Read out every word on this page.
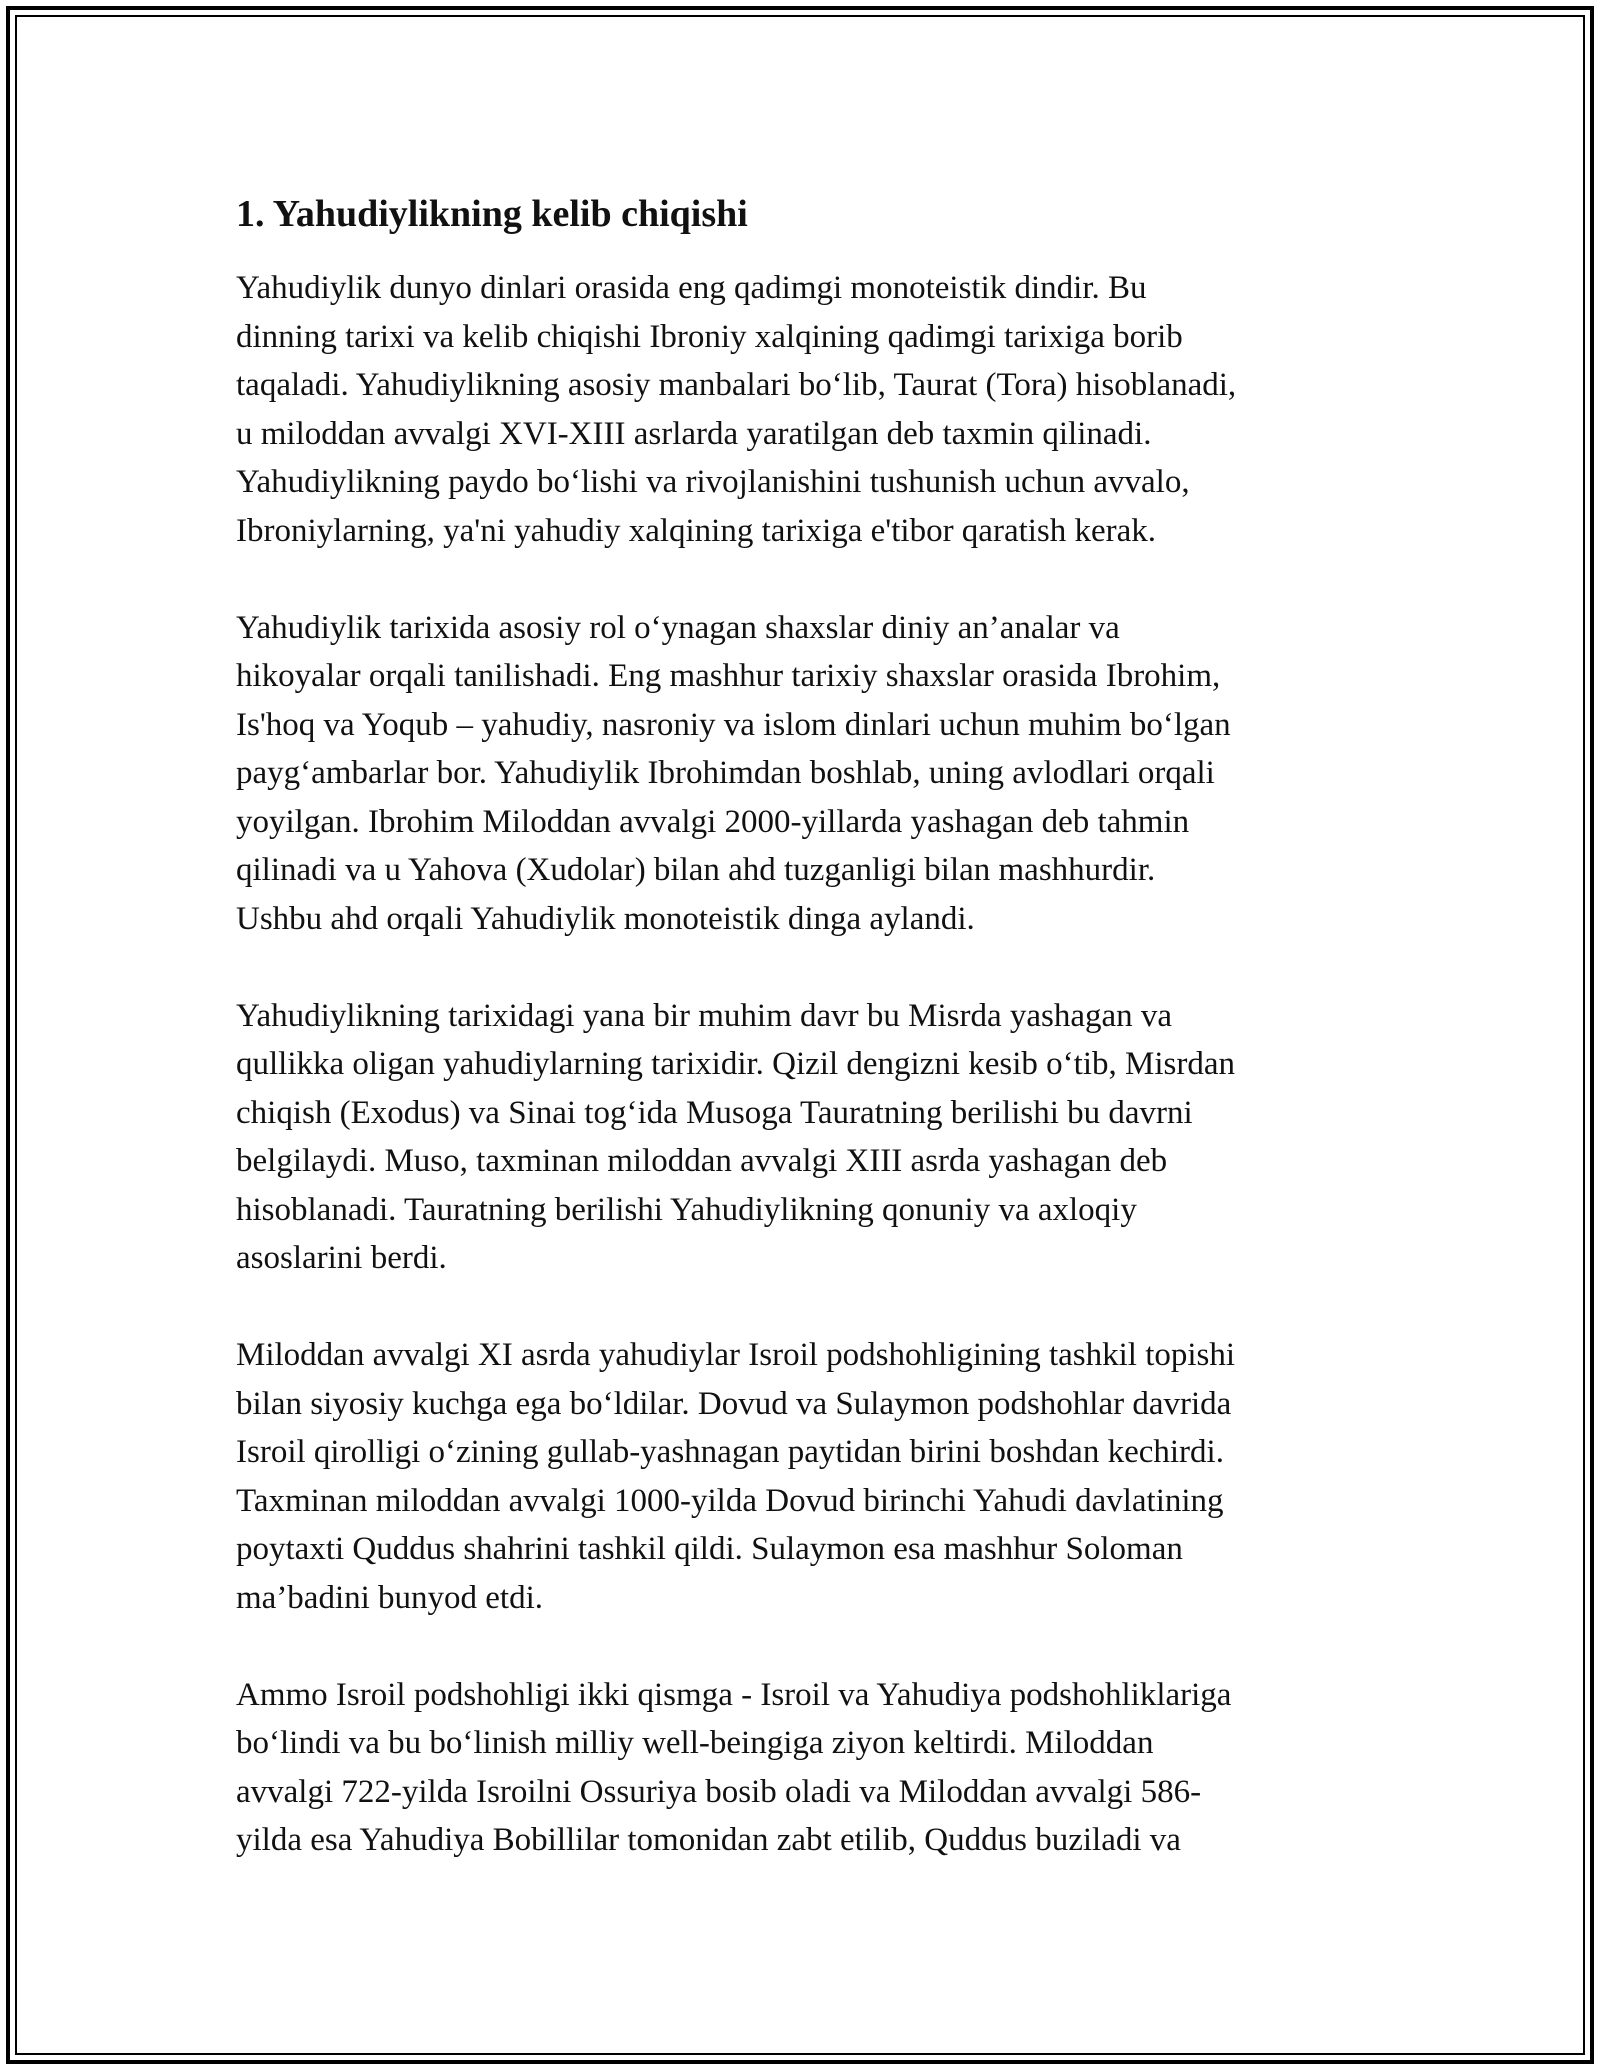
1. Yahudiylikning kelib chiqishi
Yahudiylik dunyo dinlari orasida eng qadimgi monoteistik dindir. Bu
dinning tarixi va kelib chiqishi Ibroniy xalqining qadimgi tarixiga borib
taqaladi. Yahudiylikning asosiy manbalari bo‘lib, Taurat (Tora) hisoblanadi,
u miloddan avvalgi XVI-XIII asrlarda yaratilgan deb taxmin qilinadi.
Yahudiylikning paydo bo‘lishi va rivojlanishini tushunish uchun avvalo,
Ibroniylarning, ya'ni yahudiy xalqining tarixiga e'tibor qaratish kerak.
Yahudiylik tarixida asosiy rol o‘ynagan shaxslar diniy an’analar va
hikoyalar orqali tanilishadi. Eng mashhur tarixiy shaxslar orasida Ibrohim,
Is'hoq va Yoqub – yahudiy, nasroniy va islom dinlari uchun muhim bo‘lgan
payg‘ambarlar bor. Yahudiylik Ibrohimdan boshlab, uning avlodlari orqali
yoyilgan. Ibrohim Miloddan avvalgi 2000-yillarda yashagan deb tahmin
qilinadi va u Yahova (Xudolar) bilan ahd tuzganligi bilan mashhurdir.
Ushbu ahd orqali Yahudiylik monoteistik dinga aylandi.
Yahudiylikning tarixidagi yana bir muhim davr bu Misrda yashagan va
qullikka oligan yahudiylarning tarixidir. Qizil dengizni kesib o‘tib, Misrdan
chiqish (Exodus) va Sinai tog‘ida Musoga Tauratning berilishi bu davrni
belgilaydi. Muso, taxminan miloddan avvalgi XIII asrda yashagan deb
hisoblanadi. Tauratning berilishi Yahudiylikning qonuniy va axloqiy
asoslarini berdi.
Miloddan avvalgi XI asrda yahudiylar Isroil podshohligining tashkil topishi
bilan siyosiy kuchga ega bo‘ldilar. Dovud va Sulaymon podshohlar davrida
Isroil qirolligi o‘zining gullab-yashnagan paytidan birini boshdan kechirdi.
Taxminan miloddan avvalgi 1000-yilda Dovud birinchi Yahudi davlatining
poytaxti Quddus shahrini tashkil qildi. Sulaymon esa mashhur Soloman
ma’badini bunyod etdi.
Ammo Isroil podshohligi ikki qismga - Isroil va Yahudiya podshohliklariga
bo‘lindi va bu bo‘linish milliy well-beingiga ziyon keltirdi. Miloddan
avvalgi 722-yilda Isroilni Ossuriya bosib oladi va Miloddan avvalgi 586-
yilda esa Yahudiya Bobillilar tomonidan zabt etilib, Quddus buziladi va
